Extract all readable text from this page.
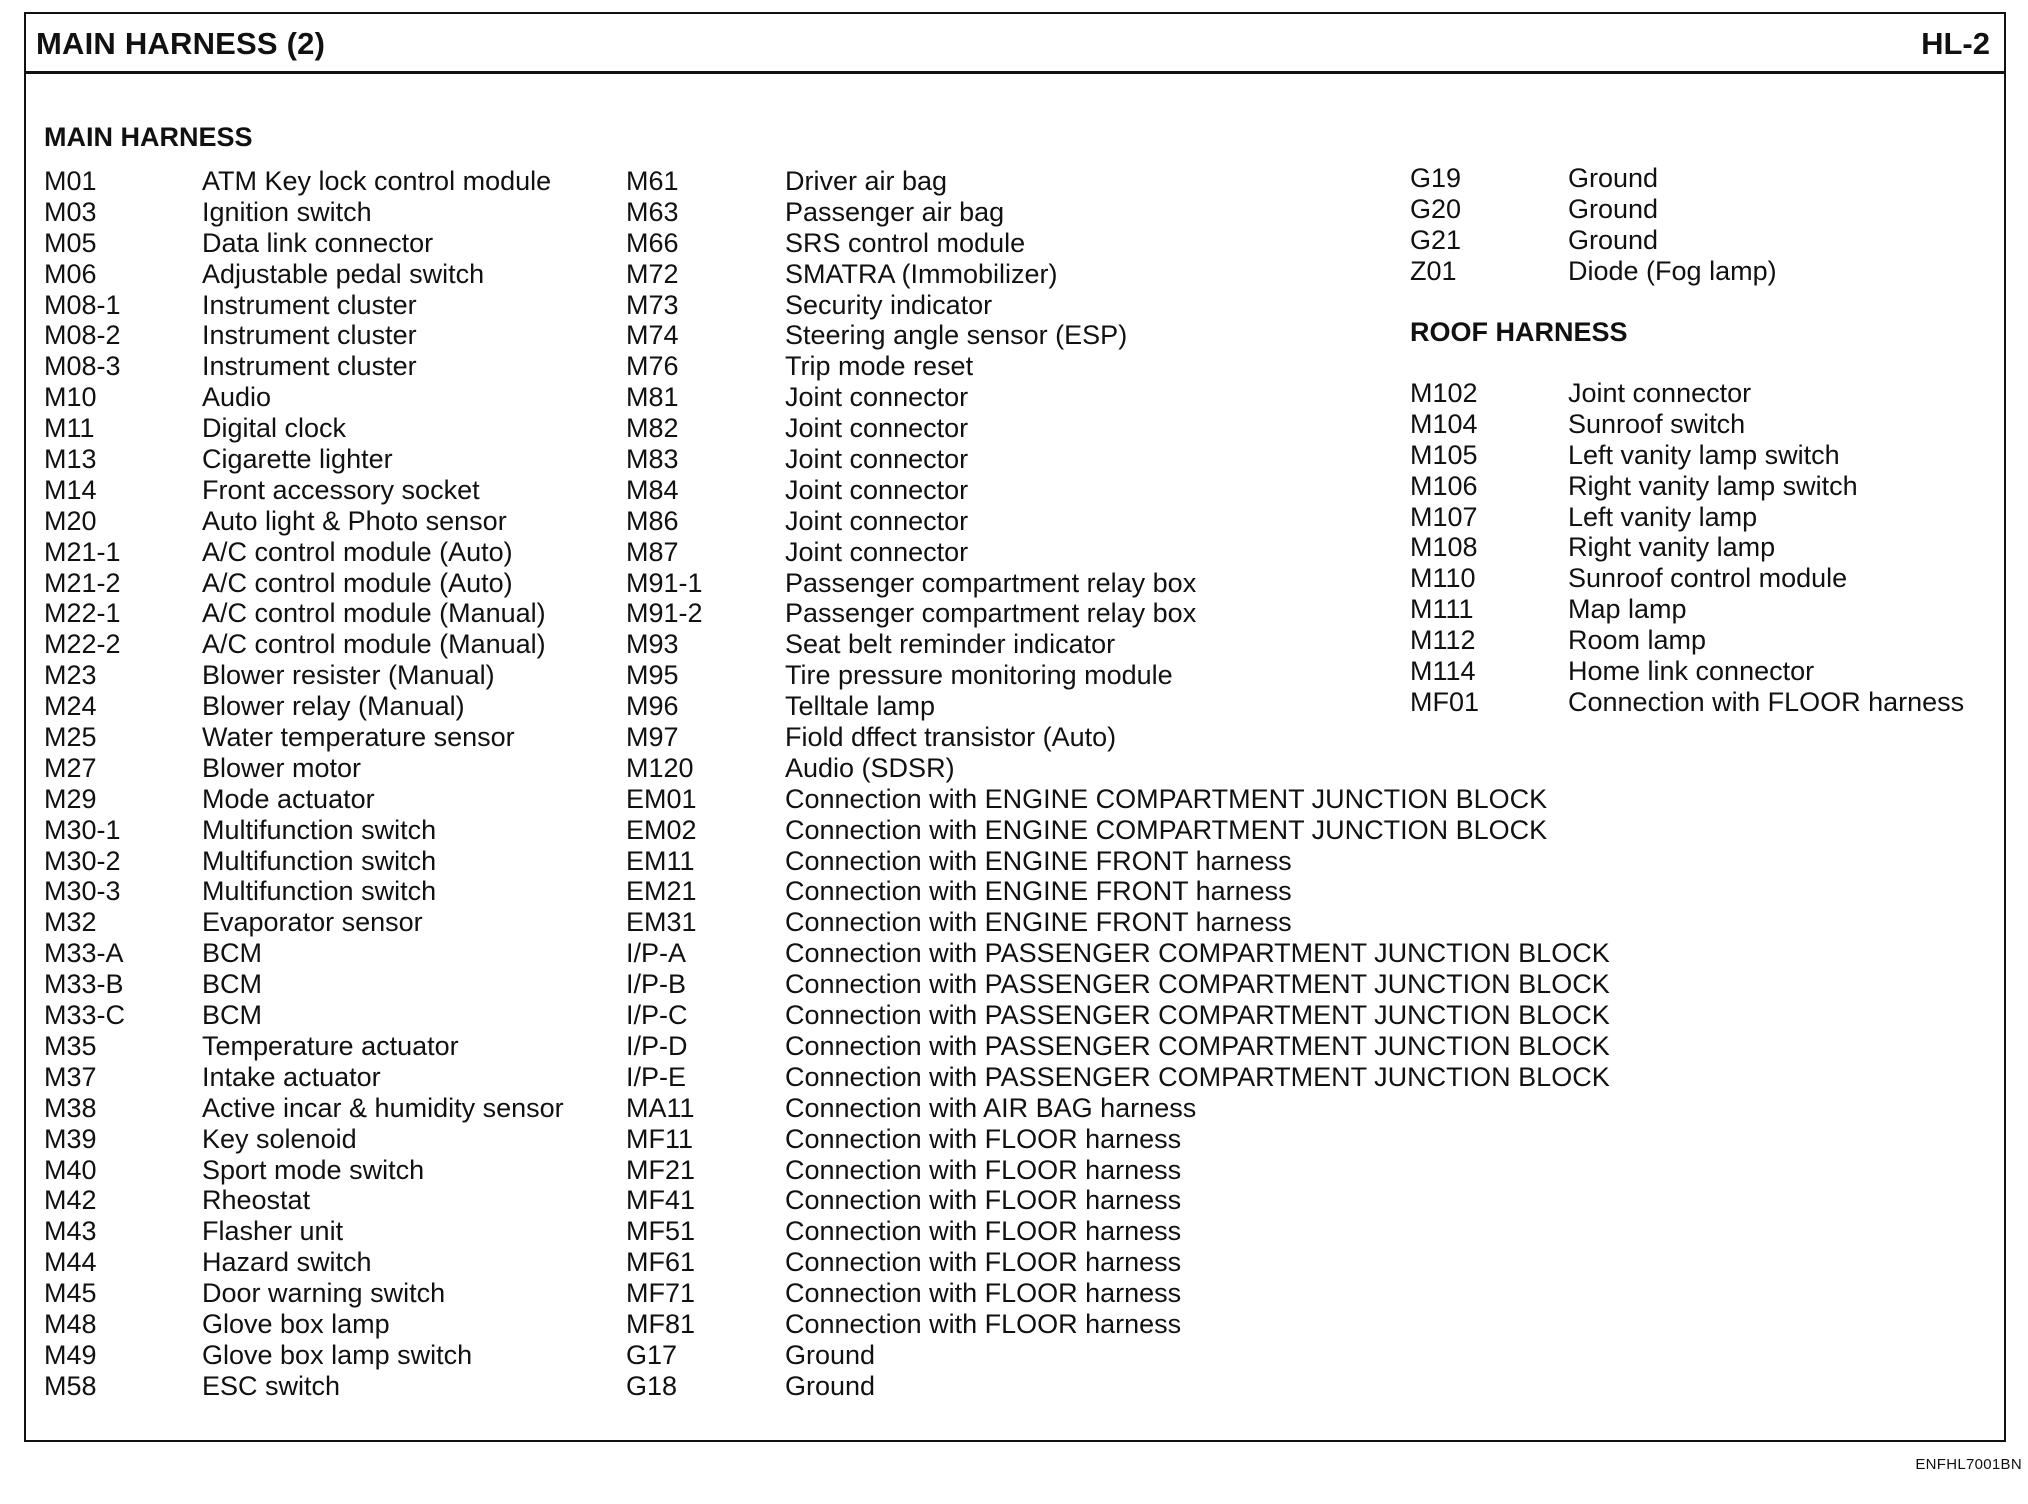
MAIN HARNESS (2)	HL-2
MAIN HARNESS
M01	ATM Key lock control module
M03	Ignition switch
M05	Data link connector
M06	Adjustable pedal switch
M08-1	Instrument cluster
M08-2	Instrument cluster
M08-3	Instrument cluster
M10	Audio
M11	Digital clock
M13	Cigarette lighter
M14	Front accessory socket
M20	Auto light & Photo sensor
M21-1	A/C control module (Auto)
M21-2	A/C control module (Auto)
M22-1	A/C control module (Manual)
M22-2	A/C control module (Manual)
M23	Blower resister (Manual)
M24	Blower relay (Manual)
M25	Water temperature sensor
M27	Blower motor
M29	Mode actuator
M30-1	Multifunction switch
M30-2	Multifunction switch
M30-3	Multifunction switch
M32	Evaporator sensor
M33-A	BCM
M33-B	BCM
M33-C	BCM
M35	Temperature actuator
M37	Intake actuator
M38	Active incar & humidity sensor
M39	Key solenoid
M40	Sport mode switch
M42	Rheostat
M43	Flasher unit
M44	Hazard switch
M45	Door warning switch
M48	Glove box lamp
M49	Glove box lamp switch
M58	ESC switch
M61	Driver air bag
M63	Passenger air bag
M66	SRS control module
M72	SMATRA (Immobilizer)
M73	Security indicator
M74	Steering angle sensor (ESP)
M76	Trip mode reset
M81	Joint connector
M82	Joint connector
M83	Joint connector
M84	Joint connector
M86	Joint connector
M87	Joint connector
M91-1	Passenger compartment relay box
M91-2	Passenger compartment relay box
M93	Seat belt reminder indicator
M95	Tire pressure monitoring module
M96	Telltale lamp
M97	Fiold dffect transistor (Auto)
M120	Audio (SDSR)
EM01	Connection with ENGINE COMPARTMENT JUNCTION BLOCK
EM02	Connection with ENGINE COMPARTMENT JUNCTION BLOCK
EM11	Connection with ENGINE FRONT harness
EM21	Connection with ENGINE FRONT harness
EM31	Connection with ENGINE FRONT harness
I/P-A	Connection with PASSENGER COMPARTMENT JUNCTION BLOCK
I/P-B	Connection with PASSENGER COMPARTMENT JUNCTION BLOCK
I/P-C	Connection with PASSENGER COMPARTMENT JUNCTION BLOCK
I/P-D	Connection with PASSENGER COMPARTMENT JUNCTION BLOCK
I/P-E	Connection with PASSENGER COMPARTMENT JUNCTION BLOCK
MA11	Connection with AIR BAG harness
MF11	Connection with FLOOR harness
MF21	Connection with FLOOR harness
MF41	Connection with FLOOR harness
MF51	Connection with FLOOR harness
MF61	Connection with FLOOR harness
MF71	Connection with FLOOR harness
MF81	Connection with FLOOR harness
G17	Ground
G18	Ground
G19	Ground
G20	Ground
G21	Ground
Z01	Diode (Fog lamp)
ROOF HARNESS
M102	Joint connector
M104	Sunroof switch
M105	Left vanity lamp switch
M106	Right vanity lamp switch
M107	Left vanity lamp
M108	Right vanity lamp
M110	Sunroof control module
M111	Map lamp
M112	Room lamp
M114	Home link connector
MF01	Connection with FLOOR harness
ENFHL7001BN
